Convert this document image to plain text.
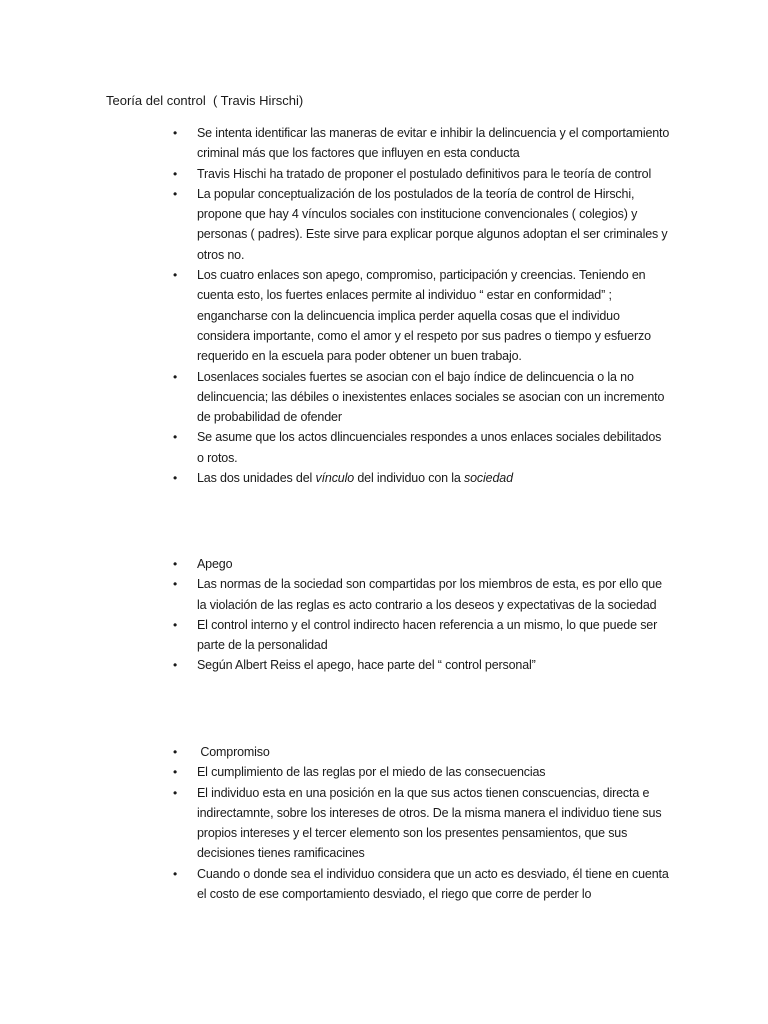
Teoría del control  ( Travis Hirschi)
• Se intenta identificar las maneras de evitar e inhibir la delincuencia y el comportamiento criminal más que los factores que influyen en esta conducta
• Travis Hischi ha tratado de proponer el postulado definitivos para le teoría de control
• La popular conceptualización de los postulados de la teoría de control de Hirschi, propone que hay 4 vínculos sociales con institucione convencionales ( colegios) y personas ( padres). Este sirve para explicar porque algunos adoptan el ser criminales y otros no.
• Los cuatro enlaces son apego, compromiso, participación y creencias. Teniendo en cuenta esto, los fuertes enlaces permite al individuo “ estar en conformidad” ; engancharse con la delincuencia implica perder aquella cosas que el individuo considera importante, como el amor y el respeto por sus padres o tiempo y esfuerzo requerido en la escuela para poder obtener un buen trabajo.
• Losenlaces sociales fuertes se asocian con el bajo índice de delincuencia o la no delincuencia; las débiles o inexistentes enlaces sociales se asocian con un incremento de probabilidad de ofender
• Se asume que los actos dlincuenciales respondes a unos enlaces sociales debilitados o rotos.
• Las dos unidades del vínculo del individuo con la sociedad
• Apego
• Las normas de la sociedad son compartidas por los miembros de esta, es por ello que la violación de las reglas es acto contrario a los deseos y expectativas de la sociedad
• El control interno y el control indirecto hacen referencia a un mismo, lo que puede ser parte de la personalidad
• Según Albert Reiss el apego, hace parte del “ control personal”
• Compromiso
• El cumplimiento de las reglas por el miedo de las consecuencias
• El individuo esta en una posición en la que sus actos tienen conscuencias, directa e indirectamnte, sobre los intereses de otros. De la misma manera el individuo tiene sus propios intereses y el tercer elemento son los presentes pensamientos, que sus decisiones tienes ramificacines
• Cuando o donde sea el individuo considera que un acto es desviado, él tiene en cuenta el costo de ese comportamiento desviado, el riego que corre de perder lo
